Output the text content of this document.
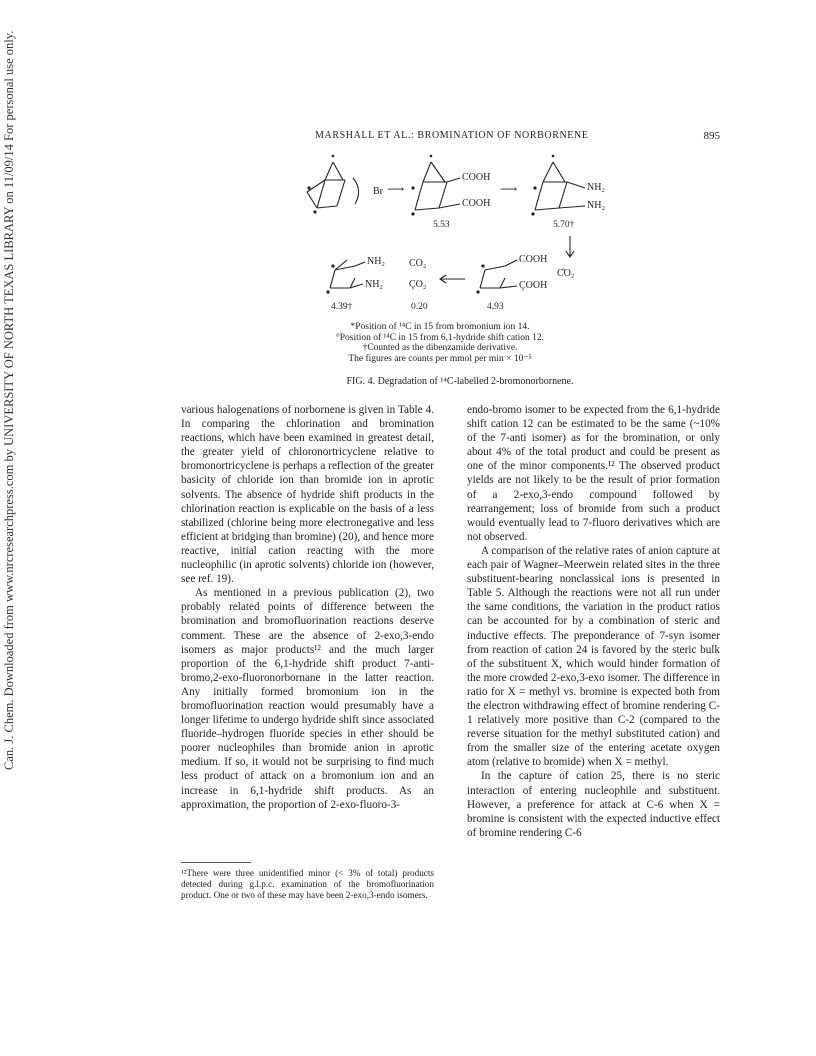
Can. J. Chem. Downloaded from www.nrcresearchpress.com by UNIVERSITY OF NORTH TEXAS LIBRARY on 11/09/14 For personal use only.	MARSHALL ET AL.: BROMINATION OF NORBORNENE	895
Br ⟶
COOH
COOH
⟶	NH₂
NH₂
5.53	5.70†
NH₂
NH₂
CO₂
ÇO₂
COOH
ÇOOH
C̊O₂
4.39†	0.20	4.93
*Position of ¹⁴C in 15 from bromonium ion 14.
°Position of ¹⁴C in 15 from 6,1-hydride shift cation 12.
†Counted as the dibenzamide derivative.
The figures are counts per mmol per min × 10⁻⁵
FIG. 4. Degradation of ¹⁴C-labelled 2-bromonorbornene.

various halogenations of norbornene is given in Table 4. In comparing the chlorination and bromination reactions, which have been examined in greatest detail, the greater yield of chloronortricyclene relative to bromonortricyclene is perhaps a reflection of the greater basicity of chloride ion than bromide ion in aprotic solvents. The absence of hydride shift products in the chlorination reaction is explicable on the basis of a less stabilized (chlorine being more electronegative and less efficient at bridging than bromine) (20), and hence more reactive, initial cation reacting with the more nucleophilic (in aprotic solvents) chloride ion (however, see ref. 19).

As mentioned in a previous publication (2), two probably related points of difference between the bromination and bromofluorination reactions deserve comment. These are the absence of 2-exo,3-endo isomers as major products¹² and the much larger proportion of the 6,1-hydride shift product 7-anti-bromo,2-exo-fluoronorbornane in the latter reaction. Any initially formed bromonium ion in the bromofluorination reaction would presumably have a longer lifetime to undergo hydride shift since associated fluoride–hydrogen fluoride species in ether should be poorer nucleophiles than bromide anion in aprotic medium. If so, it would not be surprising to find much less product of attack on a bromonium ion and an increase in 6,1-hydride shift products. As an approximation, the proportion of 2-exo-fluoro-3-

¹²There were three unidentified minor (< 3% of total) products detected during g.l.p.c. examination of the bromofluorination product. One or two of these may have been 2-exo,3-endo isomers.

endo-bromo isomer to be expected from the 6,1-hydride shift cation 12 can be estimated to be the same (~10% of the 7-anti isomer) as for the bromination, or only about 4% of the total product and could be present as one of the minor components.¹² The observed product yields are not likely to be the result of prior formation of a 2-exo,3-endo compound followed by rearrangement; loss of bromide from such a product would eventually lead to 7-fluoro derivatives which are not observed.

A comparison of the relative rates of anion capture at each pair of Wagner–Meerwein related sites in the three substituent-bearing nonclassical ions is presented in Table 5. Although the reactions were not all run under the same conditions, the variation in the product ratios can be accounted for by a combination of steric and inductive effects. The preponderance of 7-syn isomer from reaction of cation 24 is favored by the steric bulk of the substituent X, which would hinder formation of the more crowded 2-exo,3-exo isomer. The difference in ratio for X = methyl vs. bromine is expected both from the electron withdrawing effect of bromine rendering C-1 relatively more positive than C-2 (compared to the reverse situation for the methyl substituted cation) and from the smaller size of the entering acetate oxygen atom (relative to bromide) when X = methyl.

In the capture of cation 25, there is no steric interaction of entering nucleophile and substituent. However, a preference for attack at C-6 when X = bromine is consistent with the expected inductive effect of bromine rendering C-6
